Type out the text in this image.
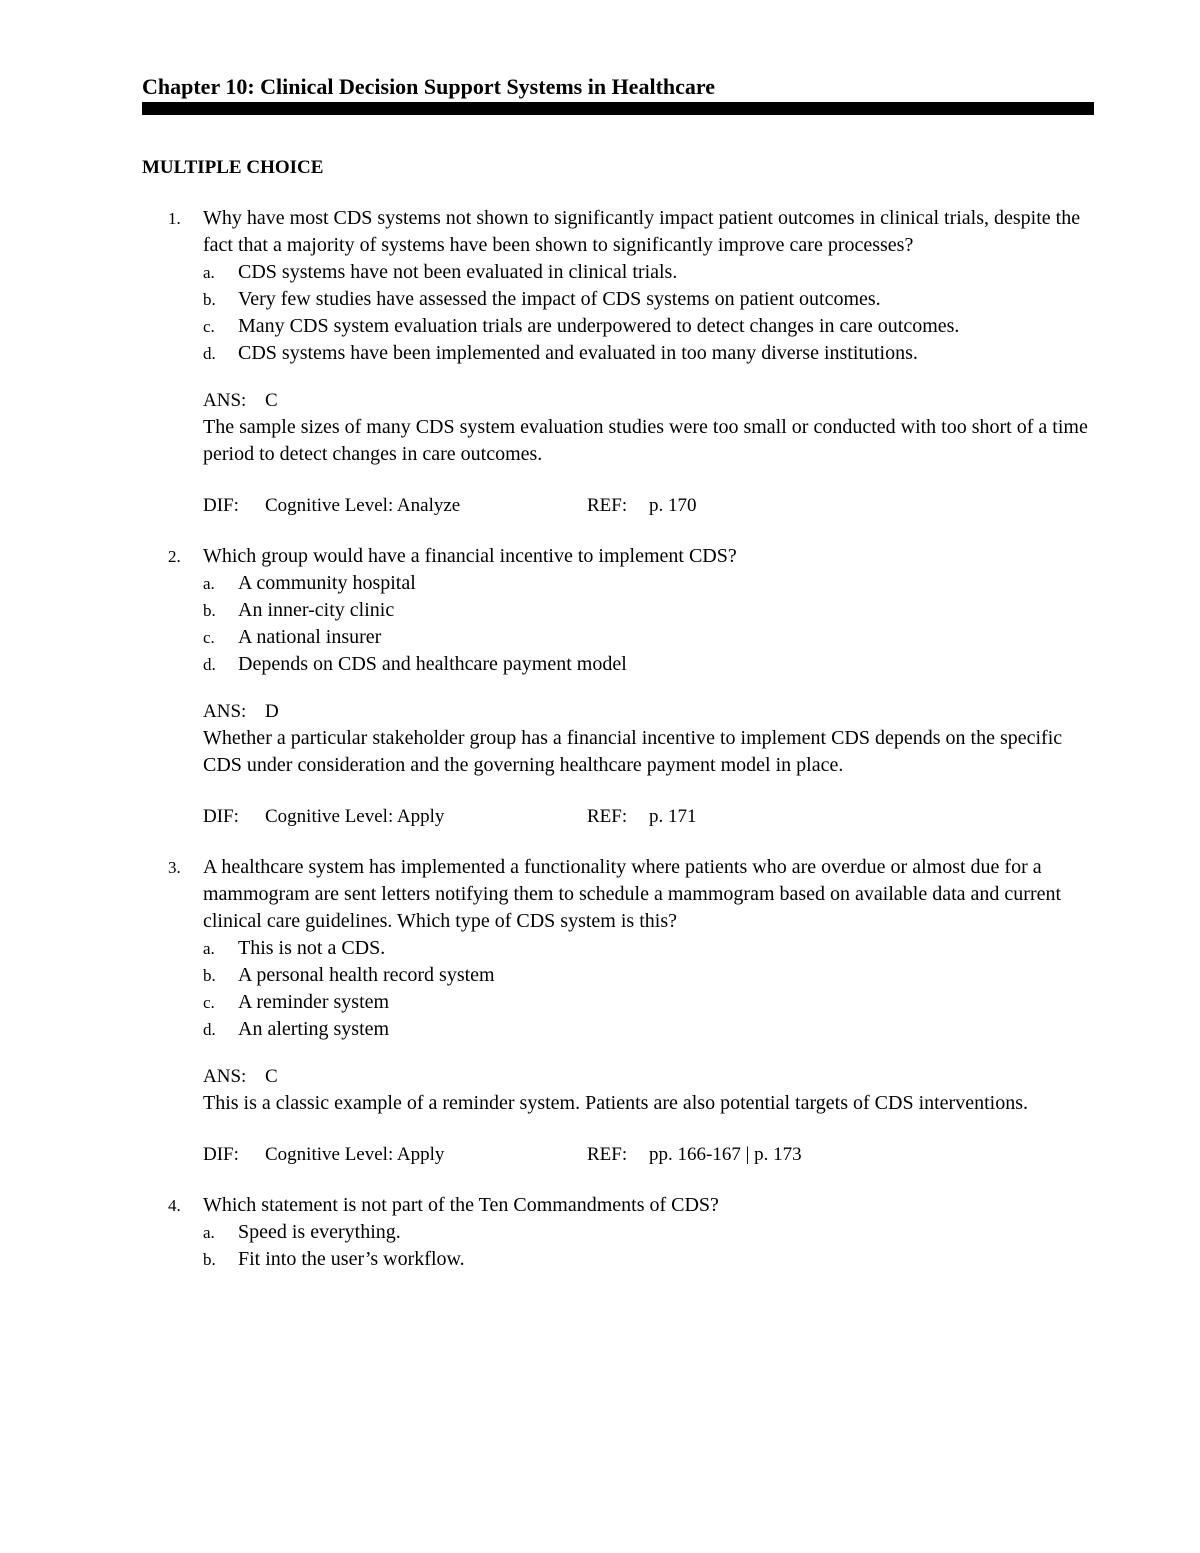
Chapter 10: Clinical Decision Support Systems in Healthcare
MULTIPLE CHOICE
1. Why have most CDS systems not shown to significantly impact patient outcomes in clinical trials, despite the fact that a majority of systems have been shown to significantly improve care processes?

a. CDS systems have not been evaluated in clinical trials.
b. Very few studies have assessed the impact of CDS systems on patient outcomes.
c. Many CDS system evaluation trials are underpowered to detect changes in care outcomes.
d. CDS systems have been implemented and evaluated in too many diverse institutions.
ANS: C

The sample sizes of many CDS system evaluation studies were too small or conducted with too short of a time period to detect changes in care outcomes.

DIF: Cognitive Level: Analyze	REF: p. 170
2. Which group would have a financial incentive to implement CDS?

a. A community hospital
b. An inner-city clinic
c. A national insurer
d. Depends on CDS and healthcare payment model
ANS: D

Whether a particular stakeholder group has a financial incentive to implement CDS depends on the specific CDS under consideration and the governing healthcare payment model in place.

DIF: Cognitive Level: Apply	REF: p. 171
3. A healthcare system has implemented a functionality where patients who are overdue or almost due for a mammogram are sent letters notifying them to schedule a mammogram based on available data and current clinical care guidelines. Which type of CDS system is this?

a. This is not a CDS.
b. A personal health record system
c. A reminder system
d. An alerting system
ANS: C

This is a classic example of a reminder system. Patients are also potential targets of CDS interventions.

DIF: Cognitive Level: Apply	REF: pp. 166-167 | p. 173
4. Which statement is not part of the Ten Commandments of CDS?

a. Speed is everything.
b. Fit into the user’s workflow.
